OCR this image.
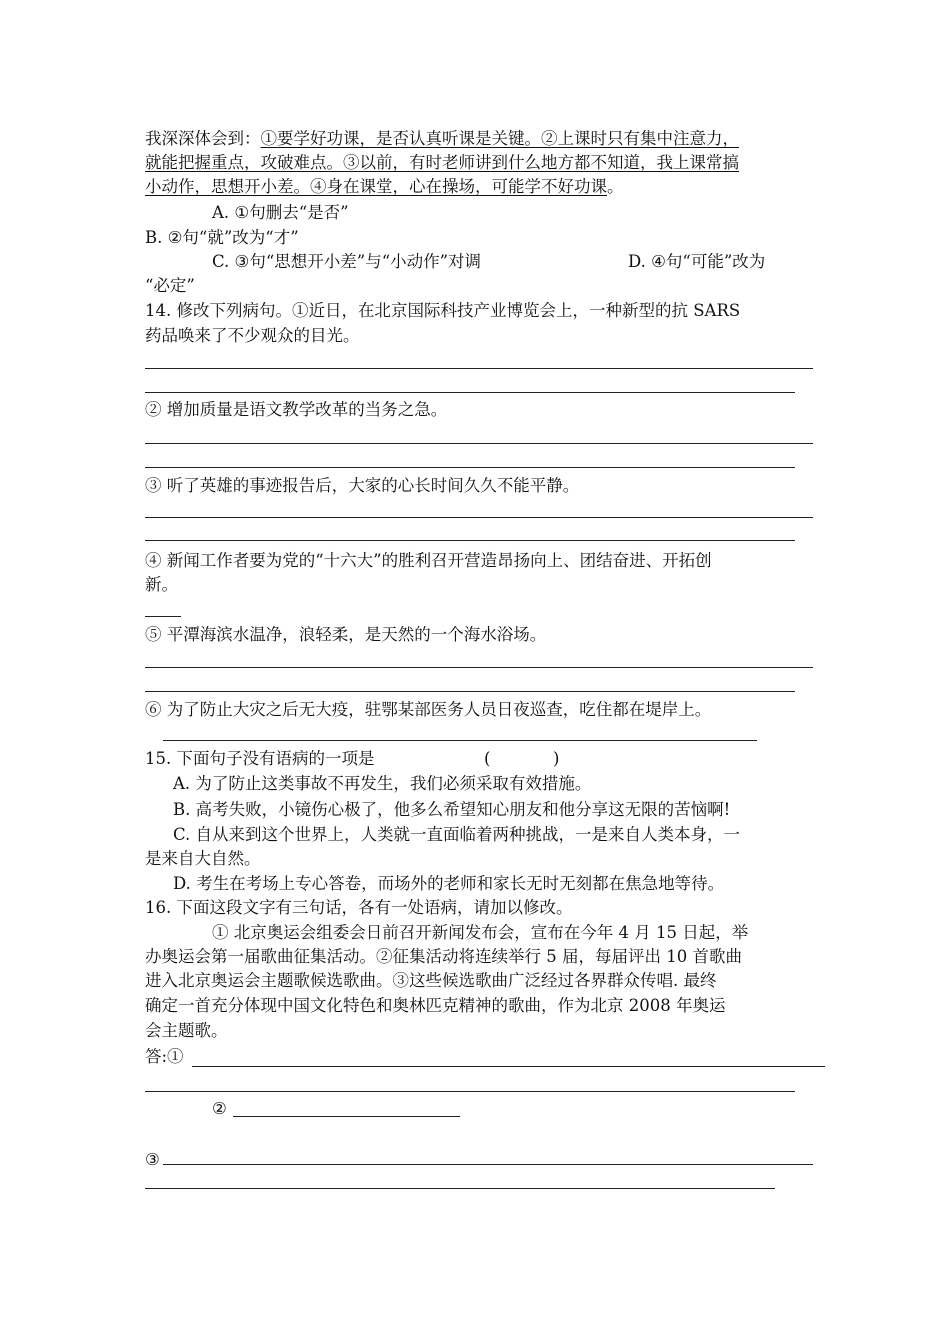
我深深体会到：①要学好功课，是否认真听课是关键。②上课时只有集中注意力，
就能把握重点，攻破难点。③以前，有时老师讲到什么地方都不知道，我上课常搞
小动作，思想开小差。④身在课堂，心在操场，可能学不好功课。
A. ①句删去“是否”
B. ②句“就”改为“才”
C. ③句“思想开小差”与“小动作”对调	D. ④句“可能”改为
“必定”
14. 修改下列病句。①近日，在北京国际科技产业博览会上，一种新型的抗 SARS
药品唤来了不少观众的目光。
② 增加质量是语文教学改革的当务之急。
③ 听了英雄的事迹报告后，大家的心长时间久久不能平静。
④ 新闻工作者要为党的“十六大”的胜利召开营造昂扬向上、团结奋进、开拓创
新。
⑤ 平潭海滨水温净，浪轻柔，是天然的一个海水浴场。
⑥ 为了防止大灾之后无大疫，驻鄂某部医务人员日夜巡查，吃住都在堤岸上。
15. 下面句子没有语病的一项是	(	)
A. 为了防止这类事故不再发生，我们必须采取有效措施。
B. 高考失败，小镜伤心极了，他多么希望知心朋友和他分享这无限的苦恼啊!
C. 自从来到这个世界上，人类就一直面临着两种挑战，一是来自人类本身，一
是来自大自然。
D. 考生在考场上专心答卷，而场外的老师和家长无时无刻都在焦急地等待。
16. 下面这段文字有三句话，各有一处语病，请加以修改。
① 北京奥运会组委会日前召开新闻发布会，宣布在今年 4 月 15 日起，举
办奥运会第一届歌曲征集活动。②征集活动将连续举行 5 届，每届评出 10 首歌曲
进入北京奥运会主题歌候选歌曲。③这些候选歌曲广泛经过各界群众传唱. 最终
确定一首充分体现中国文化特色和奥林匹克精神的歌曲，作为北京 2008 年奥运
会主题歌。
答:①
②
③
